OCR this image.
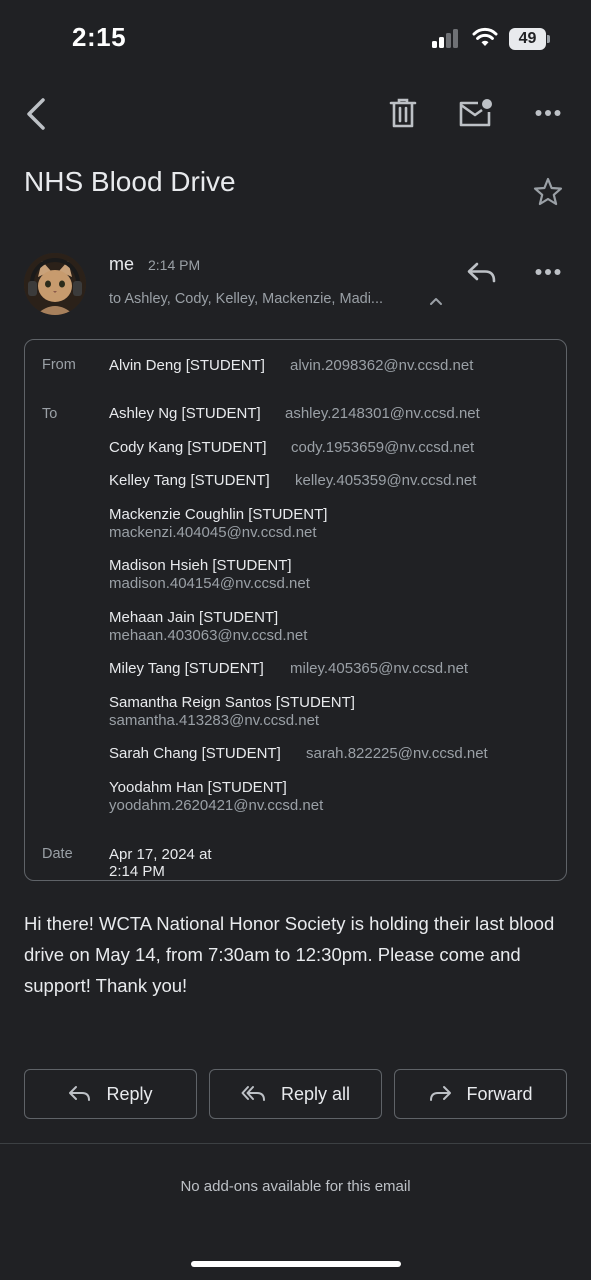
2:15	49
NHS Blood Drive
me 2:14 PM
to Ashley, Cody, Kelley, Mackenzie, Madi...
From Alvin Deng [STUDENT] alvin.2098362@nv.ccsd.net
To	Ashley Ng [STUDENT] ashley.2148301@nv.ccsd.net
Cody Kang [STUDENT] cody.1953659@nv.ccsd.net
Kelley Tang [STUDENT] kelley.405359@nv.ccsd.net
Mackenzie Coughlin [STUDENT]
mackenzi.404045@nv.ccsd.net
Madison Hsieh [STUDENT]
madison.404154@nv.ccsd.net
Mehaan Jain [STUDENT]
mehaan.403063@nv.ccsd.net
Miley Tang [STUDENT] miley.405365@nv.ccsd.net
Samantha Reign Santos [STUDENT]
samantha.413283@nv.ccsd.net
Sarah Chang [STUDENT] sarah.822225@nv.ccsd.net
Yoodahm Han [STUDENT]
yoodahm.2620421@nv.ccsd.net
Date Apr 17, 2024 at
2:14 PM
Hi there! WCTA National Honor Society is holding their last blood drive on May 14, from 7:30am to 12:30pm. Please come and support! Thank you!
Reply	Reply all	Forward
No add-ons available for this email
